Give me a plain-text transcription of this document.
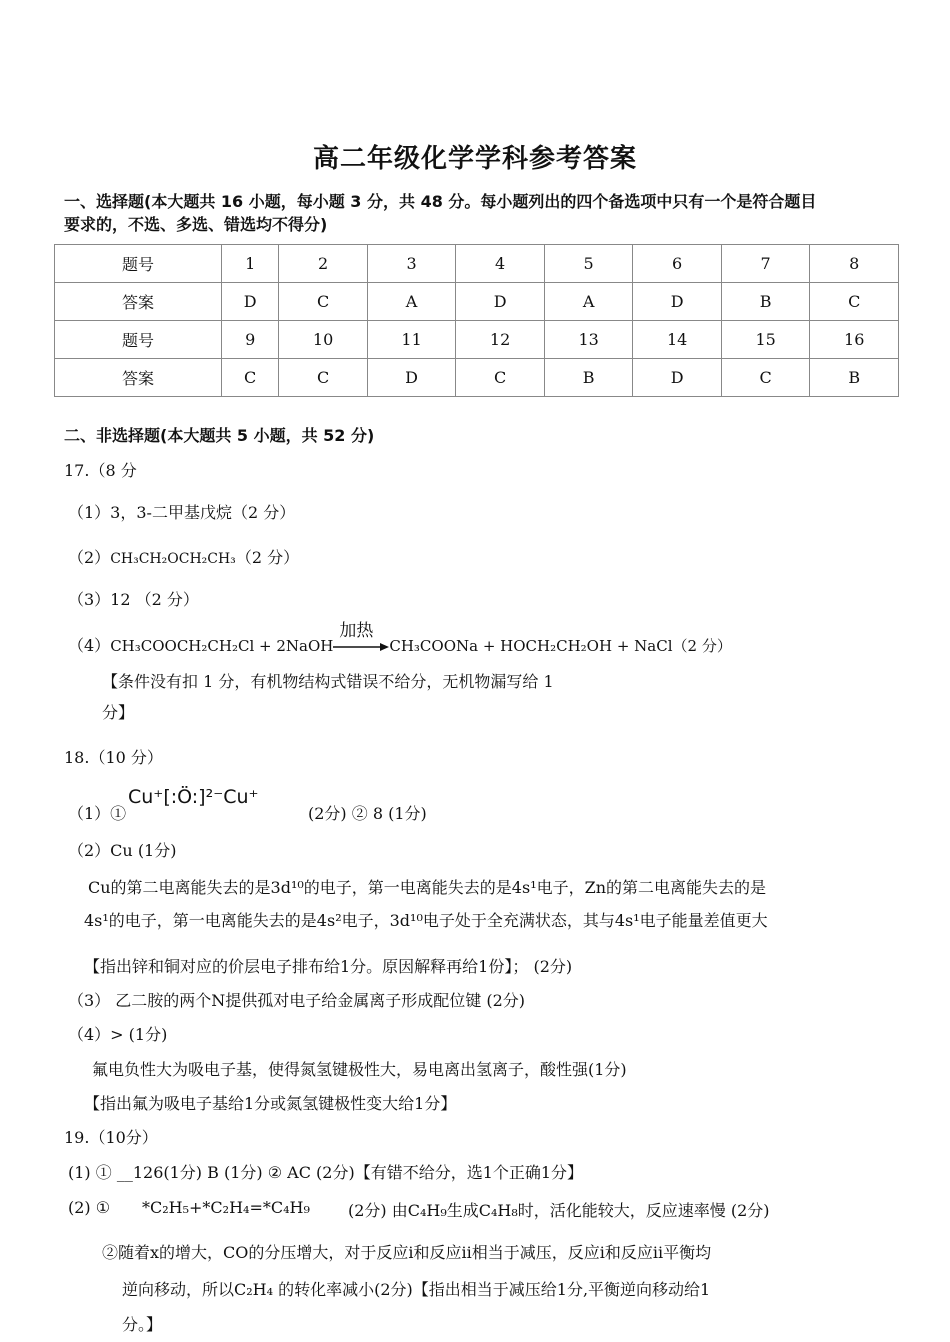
高二年级化学学科参考答案
一、选择题(本大题共 16 小题，每小题 3 分，共 48 分。每小题列出的四个备选项中只有一个是符合题目
要求的，不选、多选、错选均不得分)
题号	1	2	3	4	5	6	7	8
答案	D	C	A	D	A	D	B	C
题号	9	10	11	12	13	14	15	16
答案	C	C	D	C	B	D	C	B
二、非选择题(本大题共 5 小题，共 52 分)
17.（8 分
（1）3，3-二甲基戊烷（2 分）
（2）CH₃CH₂OCH₂CH₃（2 分）
（3）12 （2 分）
（4）CH₃COOCH₂CH₂Cl + 2NaOH
加热
CH₃COONa + HOCH₂CH₂OH + NaCl（2 分）
【条件没有扣 1 分，有机物结构式错误不给分，无机物漏写给 1
分】
18.（10 分）
（1）①
Cu⁺[:Ö:]²⁻Cu⁺
(2分) ② 8 (1分)
（2）Cu (1分)
Cu的第二电离能失去的是3d¹⁰的电子，第一电离能失去的是4s¹电子，Zn的第二电离能失去的是
4s¹的电子，第一电离能失去的是4s²电子，3d¹⁰电子处于全充满状态，其与4s¹电子能量差值更大
【指出锌和铜对应的价层电子排布给1分。原因解释再给1份】； (2分)
（3） 乙二胺的两个N提供孤对电子给金属离子形成配位键 (2分)
（4）> (1分)
氟电负性大为吸电子基，使得氮氢键极性大，易电离出氢离子，酸性强(1分)
【指出氟为吸电子基给1分或氮氢键极性变大给1分】
19.（10分）
(1) ① __126(1分) B (1分) ② AC (2分)【有错不给分，选1个正确1分】
(2) ① *C₂H₅+*C₂H₄=*C₄H₉ (2分) 由C₄H₉生成C₄H₈时，活化能较大，反应速率慢 (2分)
②随着x的增大，CO的分压增大，对于反应i和反应ii相当于减压，反应i和反应ii平衡均
逆向移动，所以C₂H₄ 的转化率减小(2分)【指出相当于减压给1分,平衡逆向移动给1
分。】
